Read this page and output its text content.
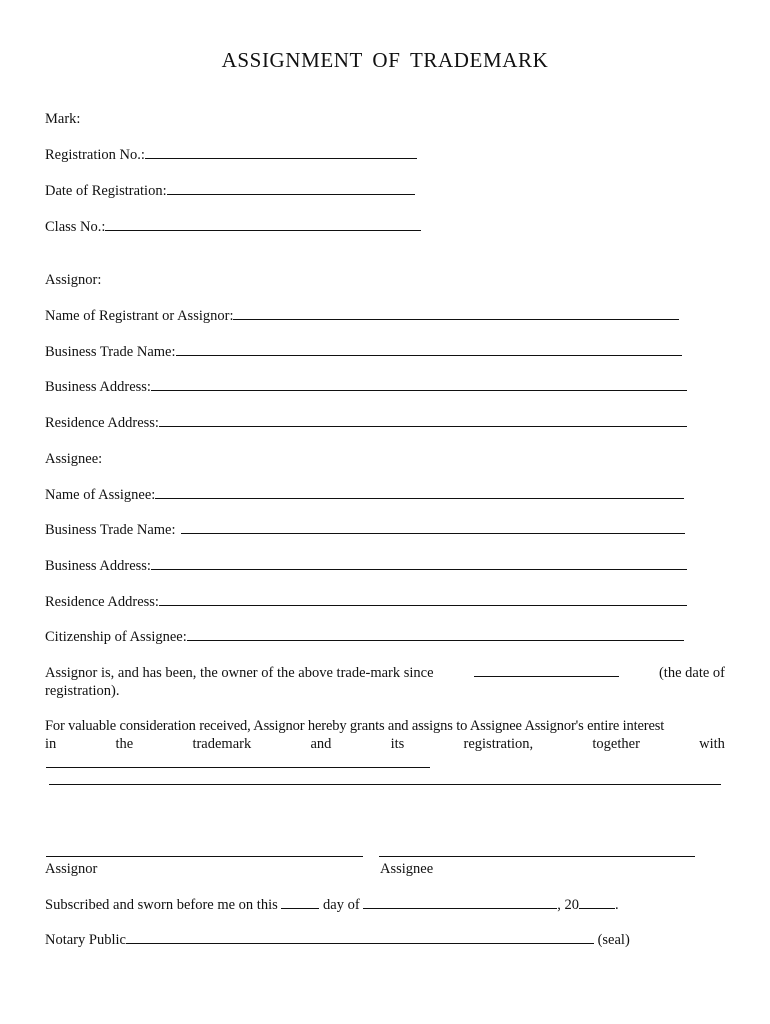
ASSIGNMENT OF TRADEMARK
Mark:
Registration No.:
Date of Registration:
Class No.:
Assignor:
Name of Registrant or Assignor:
Business Trade Name:
Business Address:
Residence Address:
Assignee:
Name of Assignee:
Business Trade Name:
Business Address:
Residence Address:
Citizenship of Assignee:
Assignor is, and has been, the owner of the above trade-mark since	(the date of
registration).
For valuable consideration received, Assignor hereby grants and assigns to Assignee Assignor's entire interest
in	the	trademark	and	its	registration,	together	with
Assignor	Assignee
Subscribed and sworn before me on this	day of	, 20 .
Notary Public	(seal)
